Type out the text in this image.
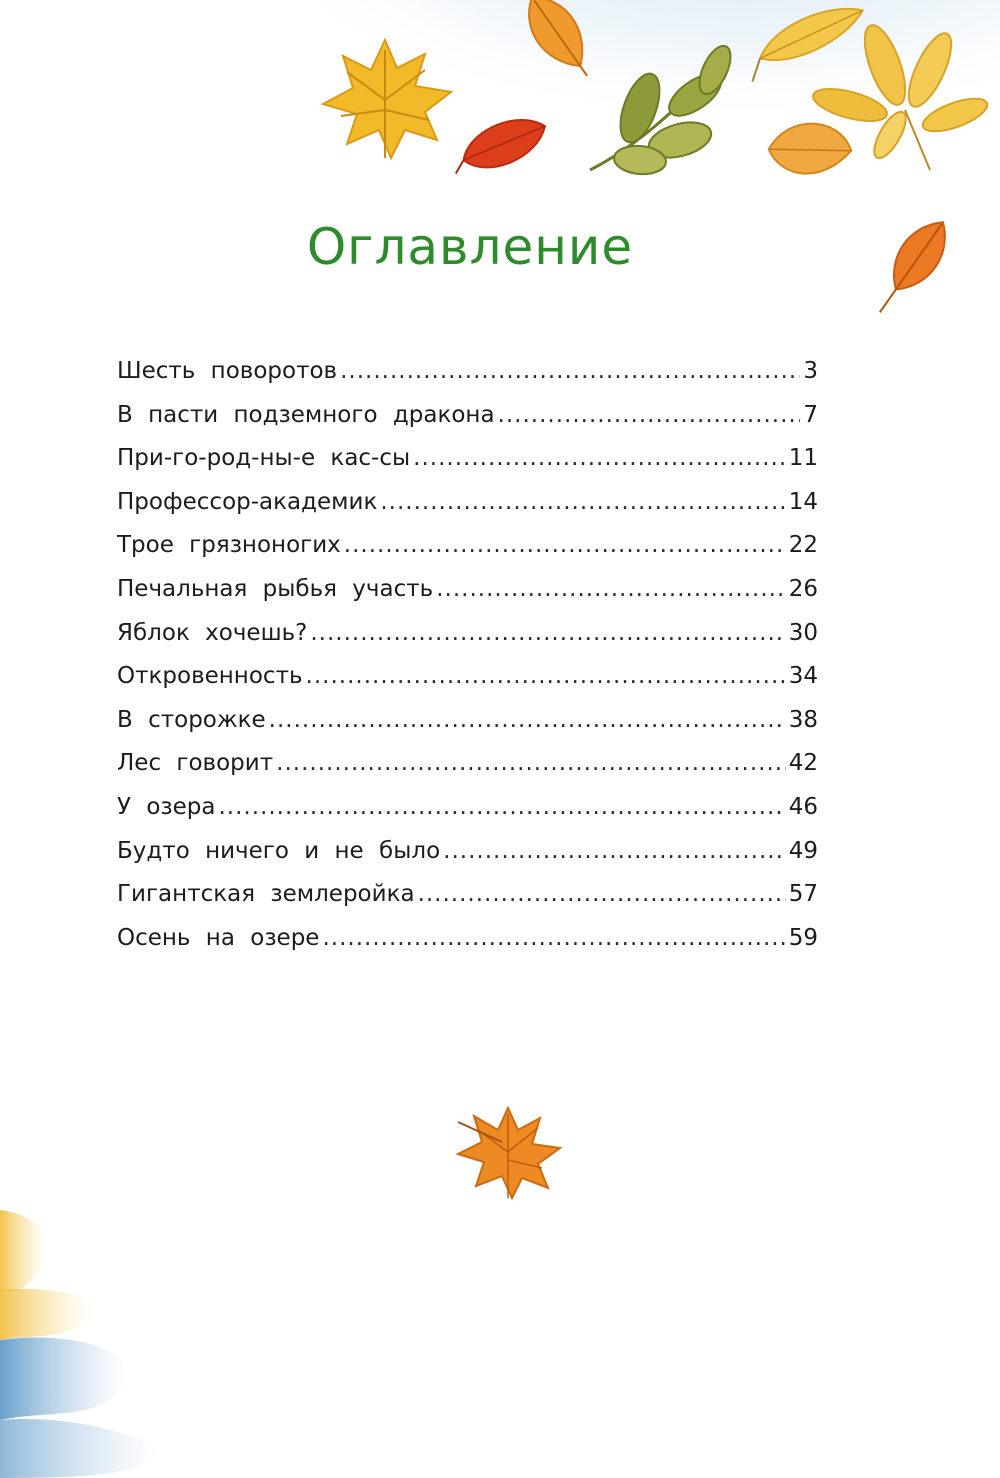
Оглавление
Шесть поворотов .....	3
В пасти подземного дракона .....	7
При-го-род-ны-е кас-сы .....	11
Профессор-академик .....	14
Трое грязноногих .....	22
Печальная рыбья участь .....	26
Яблок хочешь? .....	30
Откровенность .....	34
В сторожке .....	38
Лес говорит .....	42
У озера .....	46
Будто ничего и не было .....	49
Гигантская землеройка .....	57
Осень на озере .....	59
